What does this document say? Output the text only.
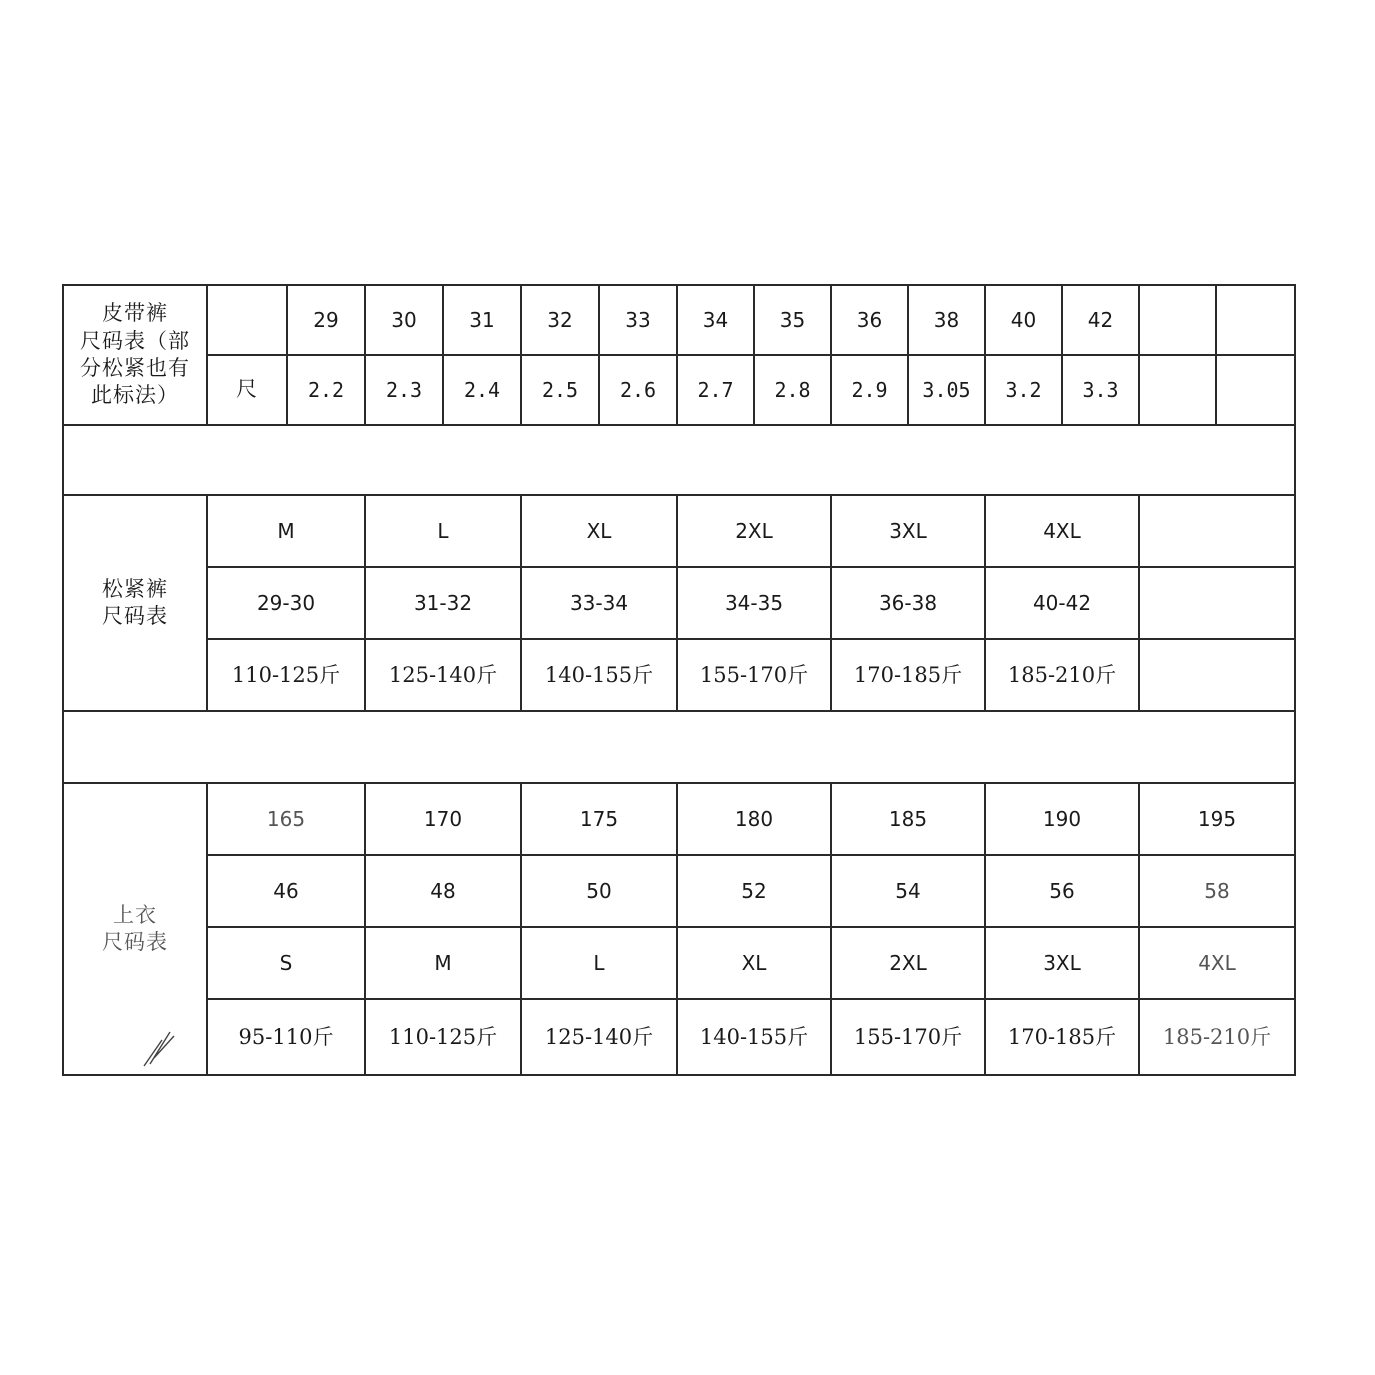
皮带裤
尺码表（部
分松紧也有
此标法）		29	30	31	32	33	34	35	36	38	40	42		
	尺	2.2	2.3	2.4	2.5	2.6	2.7	2.8	2.9	3.05	3.2	3.3		

松紧裤
尺码表	M		L		XL		2XL		3XL		4XL			
	29-30		31-32		33-34		34-35		36-38		40-42			
	110-125斤		125-140斤		140-155斤		155-170斤		170-185斤		185-210斤			

上衣
尺码表	165		170		175		180		185		190		195	
	46		48		50		52		54		56		58	
	S		M		L		XL		2XL		3XL		4XL	
	95-110斤		110-125斤		125-140斤		140-155斤		155-170斤		170-185斤		185-210斤	
